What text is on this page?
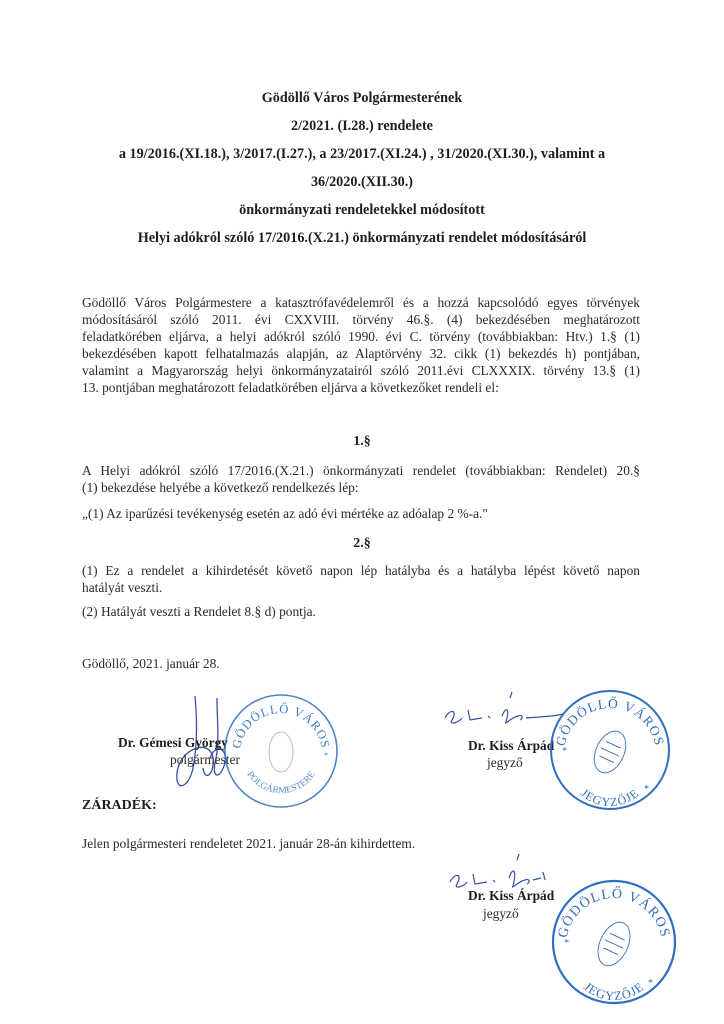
Gödöllő Város Polgármesterének
2/2021. (I.28.) rendelete
a 19/2016.(XI.18.), 3/2017.(I.27.), a 23/2017.(XI.24.) , 31/2020.(XI.30.), valamint a
36/2020.(XII.30.)
önkormányzati rendeletekkel módosított
Helyi adókról szóló 17/2016.(X.21.) önkormányzati rendelet módosításáról
Gödöllő Város Polgármestere a katasztrófavédelemről és a hozzá kapcsolódó egyes törvények
módosításáról szóló 2011. évi CXXVIII. törvény 46.§. (4) bekezdésében meghatározott
feladatkörében eljárva, a helyi adókról szóló 1990. évi C. törvény (továbbiakban: Htv.) 1.§ (1)
bekezdésében kapott felhatalmazás alapján, az Alaptörvény 32. cikk (1) bekezdés h) pontjában,
valamint a Magyarország helyi önkormányzatairól szóló 2011.évi CLXXXIX. törvény 13.§ (1)
13. pontjában meghatározott feladatkörében eljárva a következőket rendeli el:
1.§
A Helyi adókról szóló 17/2016.(X.21.) önkormányzati rendelet (továbbiakban: Rendelet) 20.§
(1) bekezdése helyébe a következő rendelkezés lép:
„(1) Az iparűzési tevékenység esetén az adó évi mértéke az adóalap 2 %-a."
2.§
(1) Ez a rendelet a kihirdetését követő napon lép hatályba és a hatályba lépést követő napon
hatályát veszti.
(2) Hatályát veszti a Rendelet 8.§ d) pontja.
Gödöllő, 2021. január 28.
Dr. Gémesi György
polgármester
GÖDÖLLŐ VÁROS
POLGÁRMESTERE
*
Dr. Kiss Árpád
jegyző
GÖDÖLLŐ VÁROS
JEGYZŐJE
*
*
ZÁRADÉK:
Jelen polgármesteri rendeletet 2021. január 28-án kihirdettem.
Dr. Kiss Árpád
jegyző
GÖDÖLLŐ VÁROS
JEGYZŐJE
*
*
